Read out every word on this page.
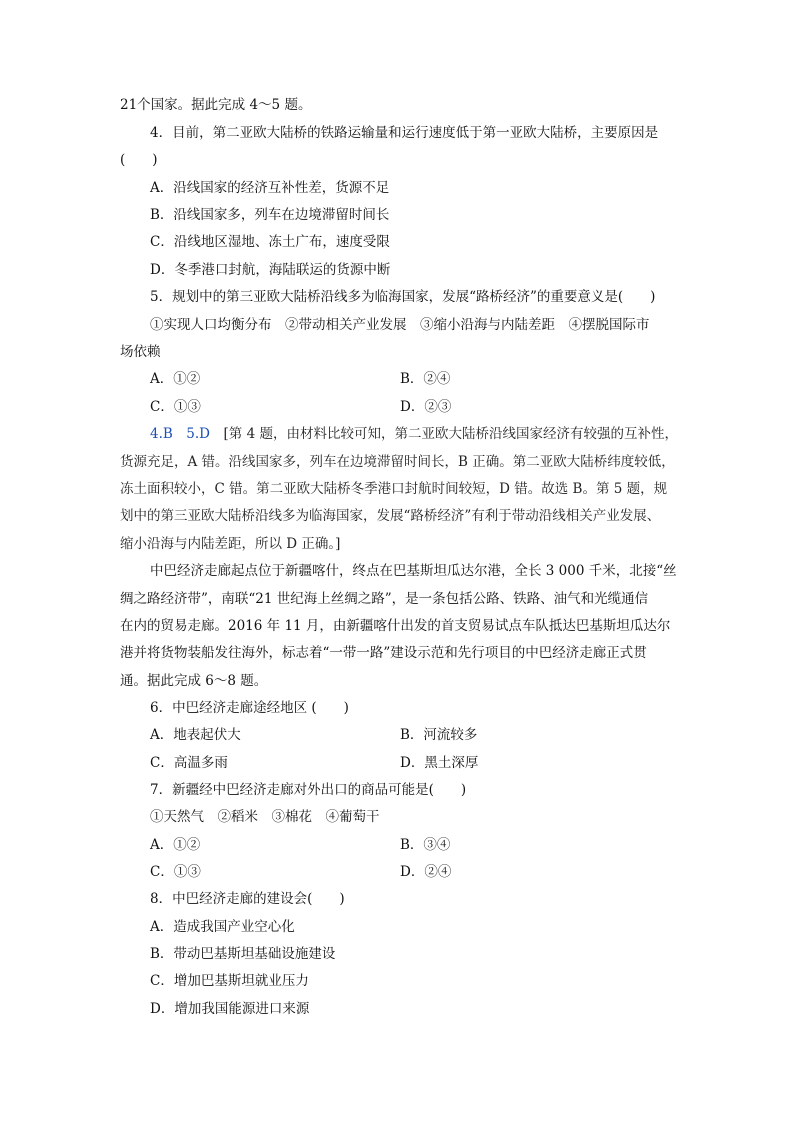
21个国家。据此完成 4～5 题。
4．目前，第二亚欧大陆桥的铁路运输量和运行速度低于第一亚欧大陆桥，主要原因是
(　　)
A．沿线国家的经济互补性差，货源不足
B．沿线国家多，列车在边境滞留时间长
C．沿线地区湿地、冻土广布，速度受限
D．冬季港口封航，海陆联运的货源中断
5．规划中的第三亚欧大陆桥沿线多为临海国家，发展“路桥经济”的重要意义是(　　)
①实现人口均衡分布　②带动相关产业发展　③缩小沿海与内陆差距　④摆脱国际市
场依赖
A．①②	B．②④
C．①③	D．②③
4.B　5.D　 [第 4 题，由材料比较可知，第二亚欧大陆桥沿线国家经济有较强的互补性，
货源充足，A 错。沿线国家多，列车在边境滞留时间长，B 正确。第二亚欧大陆桥纬度较低，
冻土面积较小，C 错。第二亚欧大陆桥冬季港口封航时间较短，D 错。故选 B。第 5 题，规
划中的第三亚欧大陆桥沿线多为临海国家，发展“路桥经济”有利于带动沿线相关产业发展、
缩小沿海与内陆差距，所以 D 正确。]
中巴经济走廊起点位于新疆喀什，终点在巴基斯坦瓜达尔港，全长 3 000 千米，北接“丝
绸之路经济带”，南联“21 世纪海上丝绸之路”，是一条包括公路、铁路、油气和光缆通信
在内的贸易走廊。2016 年 11 月，由新疆喀什出发的首支贸易试点车队抵达巴基斯坦瓜达尔
港并将货物装船发往海外，标志着“一带一路”建设示范和先行项目的中巴经济走廊正式贯
通。据此完成 6～8 题。
6．中巴经济走廊途经地区 (　　)
A．地表起伏大	B．河流较多
C．高温多雨	D．黑土深厚
7．新疆经中巴经济走廊对外出口的商品可能是(　　)
①天然气　②稻米　③棉花　④葡萄干
A．①②	B．③④
C．①③	D．②④
8．中巴经济走廊的建设会(　　)
A．造成我国产业空心化
B．带动巴基斯坦基础设施建设
C．增加巴基斯坦就业压力
D．增加我国能源进口来源
